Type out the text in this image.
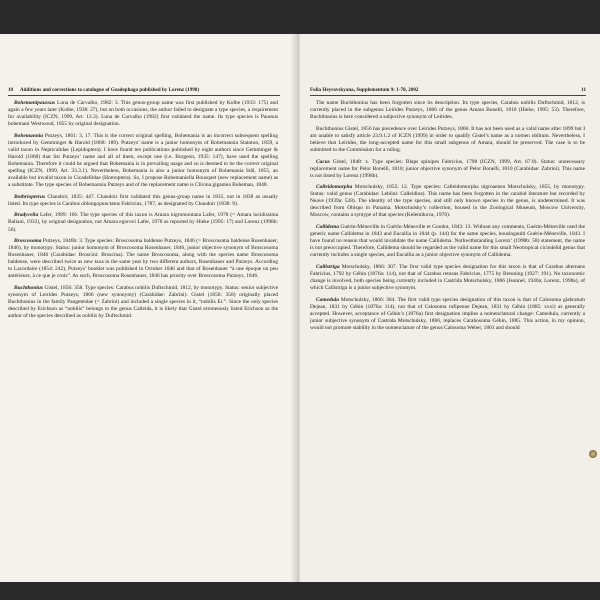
10 Additions and corrections to catalogue of Geadephaga published by Lorenz (1998)

Bohemanipaussus Luna de Carvalho, 1982: 3. This genus-group name was first published by Kolbe (1933: 175) and again a few years later (Kolbe, 1938: 27), but on both occasions, the author failed to designate a type species, a requirement for availability (ICZN, 1999, Art. 13.3). Luna de Carvalho (1982) first validated the name. Its type species is Paussus bohemani Westwood, 1855 by original designation.

Bohemannia Putzeys, 1861: 3, 17. This is the correct original spelling. Bohemania is an incorrect subsequent spelling introduced by Gemminger & Harold (1868: 189). Putzeys’ name is a junior homonym of Bohemannia Stainton, 1859, a valid taxon in Nepticulidae (Lepidoptera). I have found ten publications published by eight authors since Gemminger & Harold (1868) that list Putzeys’ name and all of them, except one (i.e. Burgeon, 1935: 147), have used the spelling Bohemania. Therefore it could be argued that Bohemania is in prevailing usage and so is deemed to be the correct original spelling (ICZN, 1999, Art. 33.3.1). Nevertheless, Bohemania is also a junior homonym of Bohemania Stål, 1855, an available but invalid taxon in Cicadellidae (Homoptera). So, I propose Bohemaniella Bousquet (new replacement name) as a substitute. The type species of Bohemannia Putzeys and of the replacement name is Clivina gigantea Boheman, 1848.

Bothriopterus Chaudoir, 1835: 447. Chaudoir first validated this genus-group name in 1835, not in 1838 as usually listed. Its type species is Carabus oblongopunctatus Fabricius, 1787, as designated by Chaudoir (1838: 9).

Bradycelia Lafer, 1989: 166. The type species of this taxon is Amara nigromontana Lafer, 1978 (= Amara lucidissima Baliani, 1932), by original designation, not Amara egorovi Lafer, 1978 as reported by Hieke (1995: 17) and Lorenz (1998b: 56).

Broscosoma Putzeys, 1846b: 3. Type species: Broscosoma baldense Putzeys, 1846 (= Broscosoma baldense Rosenhauer, 1846), by monotypy. Status: junior homonym of Broscosoma Rosenhauer, 1846, junior objective synonym of Broscosoma Rosenhauer, 1846 (Carabidae: Broscini: Broscina). The name Broscosoma, along with the species name Broscosoma baldense, were described twice as new taxa in the same year by two different authors, Rosenhauer and Putzeys. According to Lacordaire (1854: 242), Putzeys’ booklet was published in October 1846 and that of Rosenhauer “à une époque un peu antérieure, à ce que je crois”. As such, Broscosoma Rosenhauer, 1846 has priority over Broscosoma Putzeys, 1846.

Buchthonius Gistel, 1856: 358. Type species: Carabus nobilis Duftschmid, 1812, by monotypy. Status: senior subjective synonym of Leirides Putzeys, 1866 (new synonymy) (Carabidae: Zabrini). Gistel (1856: 358) originally placed Buchthonius in the family Pangeteidae (= Zabrini) and included a single species in it, “nobilis Er.”. Since the only species described by Erichson as “nobilis” belongs to the genus Calleida, it is likely that Gistel erroneously listed Erichson as the author of the species described as nobilis by Duftschmid.

Folia Heyrovskyana, Supplementum 9: 1-70, 2002	11

The name Buchthonius has been forgotten since its description. Its type species, Carabus nobilis Duftschmid, 1812, is currently placed in the subgenus Leirides Putzeys, 1866 of the genus Amara Bonelli, 1810 (Hieke, 1995: 53). Therefore, Buchthonius is here considered a subjective synonym of Leirides.

Buchthonius Gistel, 1856 has precedence over Leirides Putzeys, 1866. It has not been used as a valid name after 1899 but I am unable to satisfy article 23.9.1.2 of ICZN (1999) in order to qualify Gistel’s name as a nomen oblitum. Nevertheless, I believe that Leirides, the long-accepted name for this small subgenus of Amara, should be preserved. The case is to be submitted to the Commission for a ruling.

Cacus Gistel, 1848: x. Type species: Blaps spinipes Fabricius, 1798 (ICZN, 1999, Art. 67.8). Status: unnecessary replacement name for Pelor Bonelli, 1810; junior objective synonym of Pelor Bonelli, 1810 (Carabidae: Zabrini). This name is not listed by Lorenz (1998b).

Calleidomorpha Motschulsky, 1855: 12. Type species: Calleidomorpha nigroaenea Motschulsky, 1855, by monotypy. Status: valid genus (Carabidae: Lebiini: Calleidina). This name has been forgotten in the carabid literature but recorded by Neave (1939a: 528). The identity of the type species, and still only known species in the genus, is undetermined. It was described from Obispo in Panama. Motschulsky’s collection, housed in the Zoological Museum, Moscow University, Moscow, contains a syntype of that species (Kelemikova, 1976).

Callidema Guérin-Méneville in Guérin-Méneville et Goudot, 1843: 13. Without any comments, Guérin-Méneville used the generic name Callidema in 1843 and Eucallia in 1844 (p. 144) for the same species, bousingaulti Guérin-Méneville, 1843. I have found no reason that would invalidate the name Callidema. Nothwithstanding Lorenz’ (1998b: 58) statement, the name is not preoccupied. Therefore, Callidema should be regarded as the valid name for this small Neotropical cicindelid genus that currently includes a single species, and Eucallia as a junior objective synonym of Callidema.

Callistriga Motschulsky, 1866: 307. The first valid type species designation for this taxon is that of Carabus alternans Fabricius, 1792 by Géhin (1876a: 114), not that of Carabus retusus Fabricius, 1775 by Breuning (1927: 191). No taxonomic change is involved, both species being currently included in Castrida Motschulsky, 1866 (Jeannel, 1940a; Lorenz, 1998a), of which Callistriga is a junior subjective synonym.

Camedula Motschulsky, 1866: 304. The first valid type species designation of this taxon is that of Calosoma glabratum Dejean, 1831 by Géhin (1876a: 114), not that of Calosoma rufipenne Dejean, 1831 by Géhin (1885: xxxi) as generally accepted. However, acceptance of Géhin’s (1876a) first designation implies a nomenclatural change: Camedula, currently a junior subjective synonym of Castrida Motschulsky, 1866, replaces Carabosoma Géhin, 1885. This action, in my opinion, would not promote stability in the nomenclature of the genus Calosoma Weber, 1801 and should
